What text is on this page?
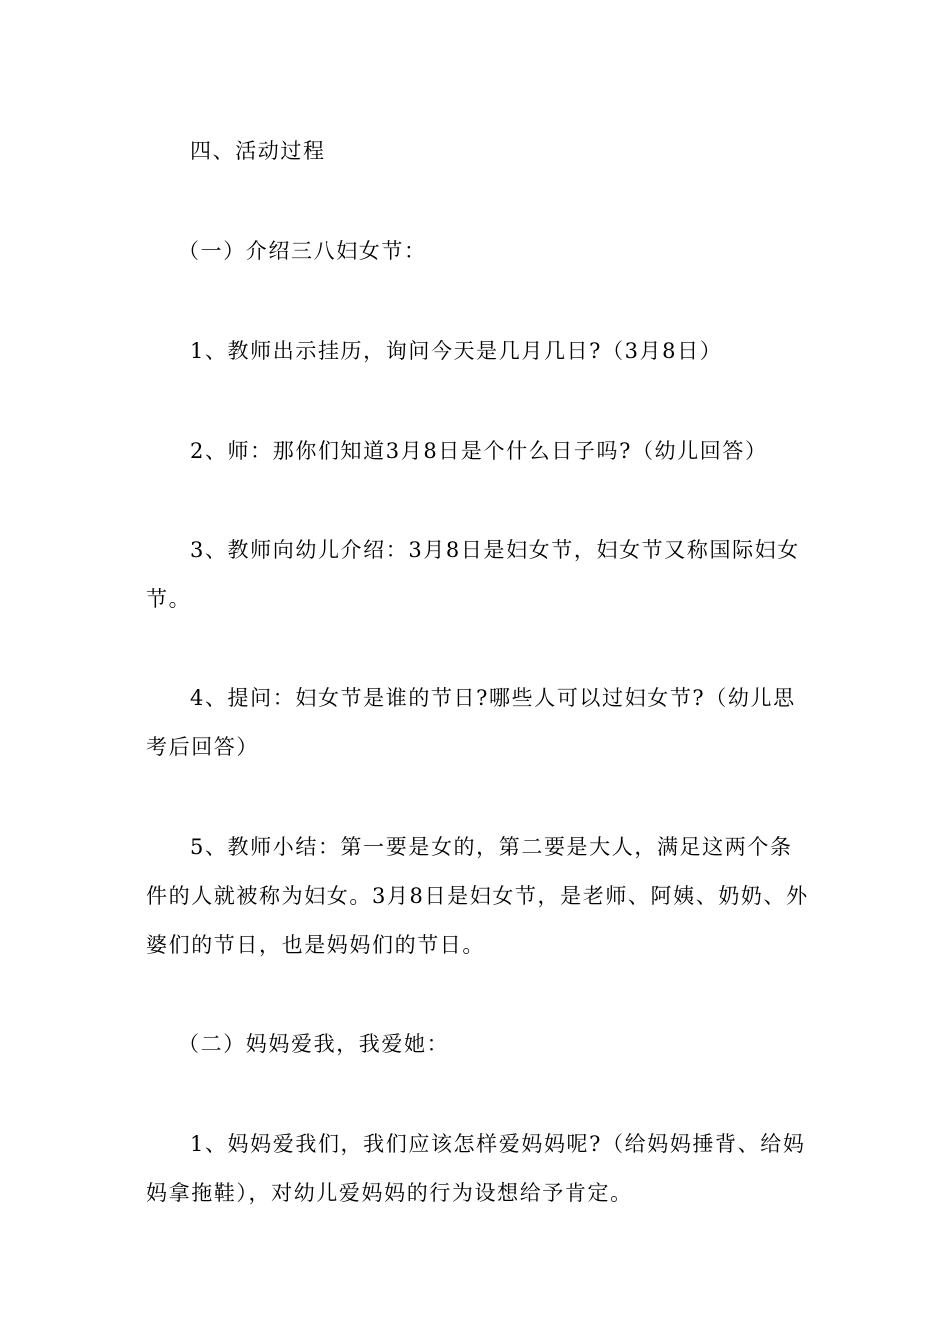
四、活动过程

（一）介绍三八妇女节：

1、教师出示挂历，询问今天是几月几日?（3月8日）

2、师：那你们知道3月8日是个什么日子吗?（幼儿回答）

3、教师向幼儿介绍：3月8日是妇女节，妇女节又称国际妇女节。

4、提问：妇女节是谁的节日?哪些人可以过妇女节?（幼儿思考后回答）

5、教师小结：第一要是女的，第二要是大人，满足这两个条件的人就被称为妇女。3月8日是妇女节，是老师、阿姨、奶奶、外婆们的节日，也是妈妈们的节日。

（二）妈妈爱我，我爱她：

1、妈妈爱我们，我们应该怎样爱妈妈呢?（给妈妈捶背、给妈妈拿拖鞋），对幼儿爱妈妈的行为设想给予肯定。
